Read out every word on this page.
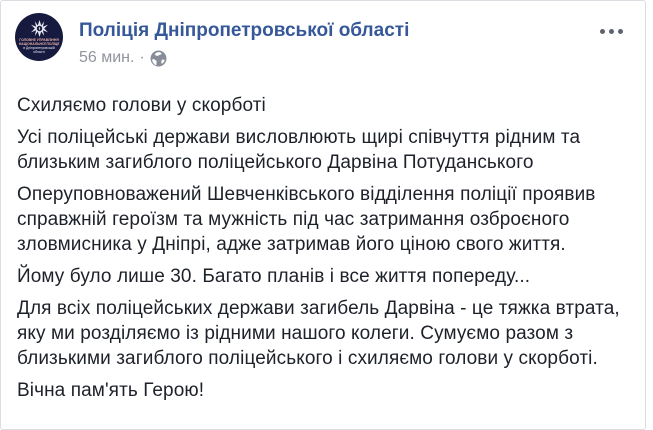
ГОЛОВНЕ УПРАВЛІННЯ
НАЦІОНАЛЬНОЇ ПОЛІЦІЇ
в Дніпропетровській
області
Поліція Дніпропетровської області
56 мин. ·

Схиляємо голови у скорботі

Усі поліцейські держави висловлюють щирі співчуття рідним та близьким загиблого поліцейського Дарвіна Потуданського

Оперуповноважений Шевченківського відділення поліції проявив справжній героїзм та мужність під час затримання озброєного зловмисника у Дніпрі, адже затримав його ціною свого життя.

Йому було лише 30. Багато планів і все життя попереду...

Для всіх поліцейських держави загибель Дарвіна - це тяжка втрата, яку ми розділяємо із рідними нашого колеги. Сумуємо разом з близькими загиблого поліцейського і схиляємо голови у скорботі.

Вічна пам'ять Герою!
